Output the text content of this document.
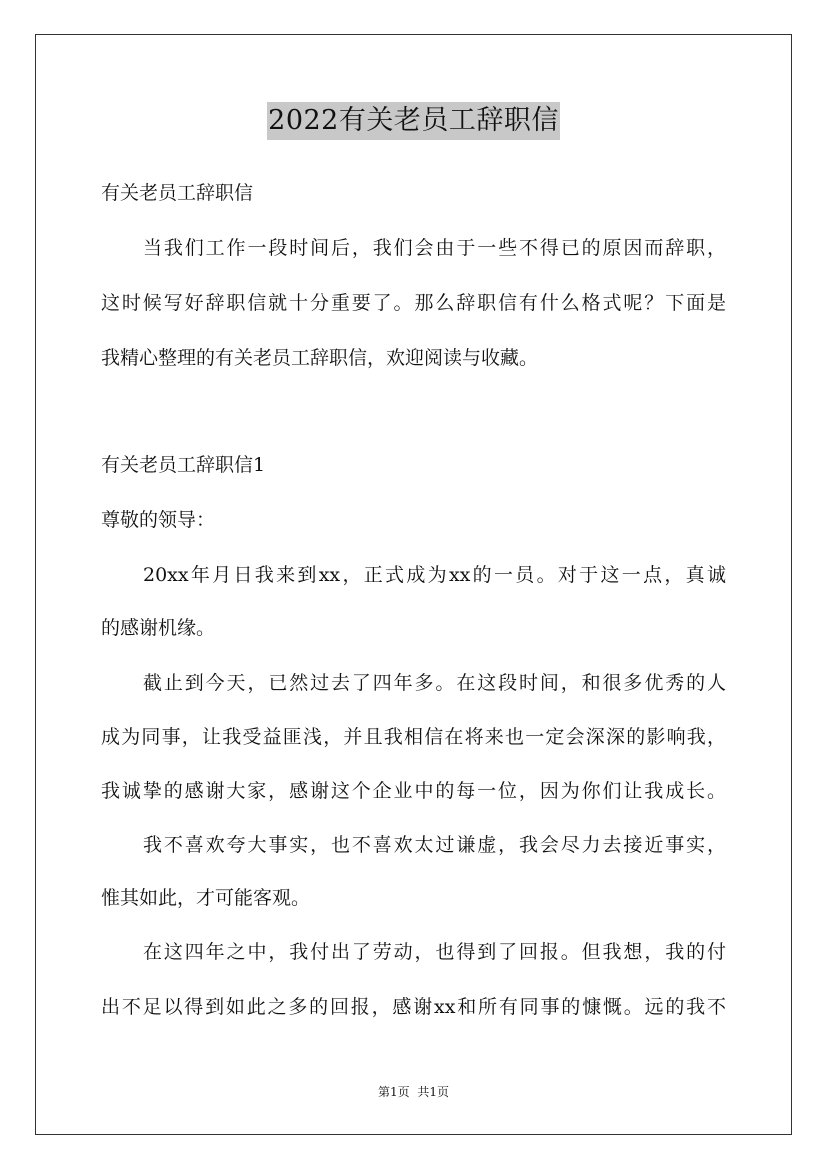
2022有关老员工辞职信
有关老员工辞职信
当我们工作一段时间后，我们会由于一些不得已的原因而辞职，
这时候写好辞职信就十分重要了。那么辞职信有什么格式呢？下面是
我精心整理的有关老员工辞职信，欢迎阅读与收藏。
有关老员工辞职信1
尊敬的领导：
20xx年月日我来到xx，正式成为xx的一员。对于这一点，真诚
的感谢机缘。
截止到今天，已然过去了四年多。在这段时间，和很多优秀的人
成为同事，让我受益匪浅，并且我相信在将来也一定会深深的影响我，
我诚挚的感谢大家，感谢这个企业中的每一位，因为你们让我成长。
我不喜欢夸大事实，也不喜欢太过谦虚，我会尽力去接近事实，
惟其如此，才可能客观。
在这四年之中，我付出了劳动，也得到了回报。但我想，我的付
出不足以得到如此之多的回报，感谢xx和所有同事的慷慨。远的我不
第1页 共1页
